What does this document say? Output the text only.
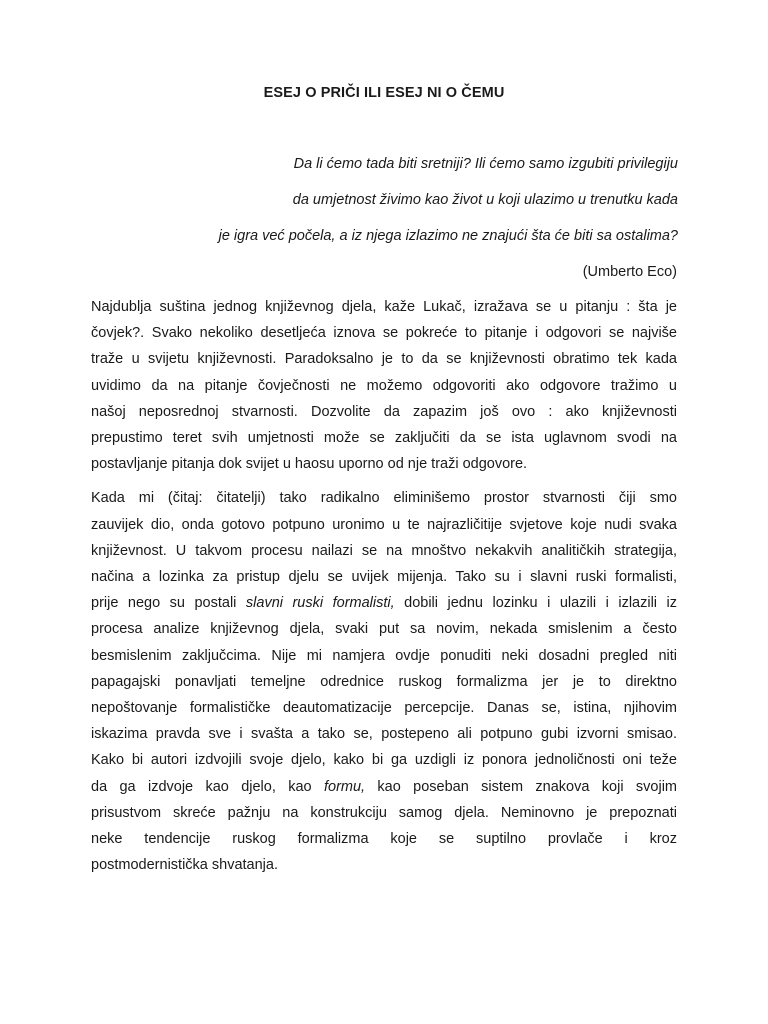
ESEJ O PRIČI ILI ESEJ NI O ČEMU
Da li ćemo tada biti sretniji? Ili ćemo samo izgubiti privilegiju
da umjetnost živimo kao život u koji ulazimo u trenutku kada
je igra već počela, a iz njega izlazimo ne znajući šta će biti sa ostalima?
(Umberto Eco)
Najdublja suština jednog književnog djela, kaže Lukač, izražava se u pitanju : šta je
čovjek?. Svako nekoliko desetljeća iznova se pokreće to pitanje i odgovori se najviše
traže u svijetu književnosti. Paradoksalno je to da se književnosti obratimo tek kada
uvidimo da na pitanje čovječnosti ne možemo odgovoriti ako odgovore tražimo u
našoj neposrednoj stvarnosti. Dozvolite da zapazim još ovo : ako književnosti
prepustimo teret svih umjetnosti može se zaključiti da se ista uglavnom svodi na
postavljanje pitanja dok svijet u haosu uporno od nje traži odgovore.
Kada mi (čitaj: čitatelji) tako radikalno eliminišemo prostor stvarnosti čiji smo
zauvijek dio, onda gotovo potpuno uronimo u te najrazličitije svjetove koje nudi svaka
književnost. U takvom procesu nailazi se na mnoštvo nekakvih analitičkih strategija,
načina a lozinka za pristup djelu se uvijek mijenja. Tako su i slavni ruski formalisti,
prije nego su postali slavni ruski formalisti, dobili jednu lozinku i ulazili i izlazili iz
procesa analize književnog djela, svaki put sa novim, nekada smislenim a često
besmislenim zaključcima. Nije mi namjera ovdje ponuditi neki dosadni pregled niti
papagajski ponavljati temeljne odrednice ruskog formalizma jer je to direktno
nepoštovanje formalističke deautomatizacije percepcije. Danas se, istina, njihovim
iskazima pravda sve i svašta a tako se, postepeno ali potpuno gubi izvorni smisao.
Kako bi autori izdvojili svoje djelo, kako bi ga uzdigli iz ponora jednoličnosti oni teže
da ga izdvoje kao djelo, kao formu, kao poseban sistem znakova koji svojim
prisustvom skreće pažnju na konstrukciju samog djela. Neminovno je prepoznati
neke tendencije ruskog formalizma koje se suptilno provlače i kroz
postmodernistička shvatanja.
